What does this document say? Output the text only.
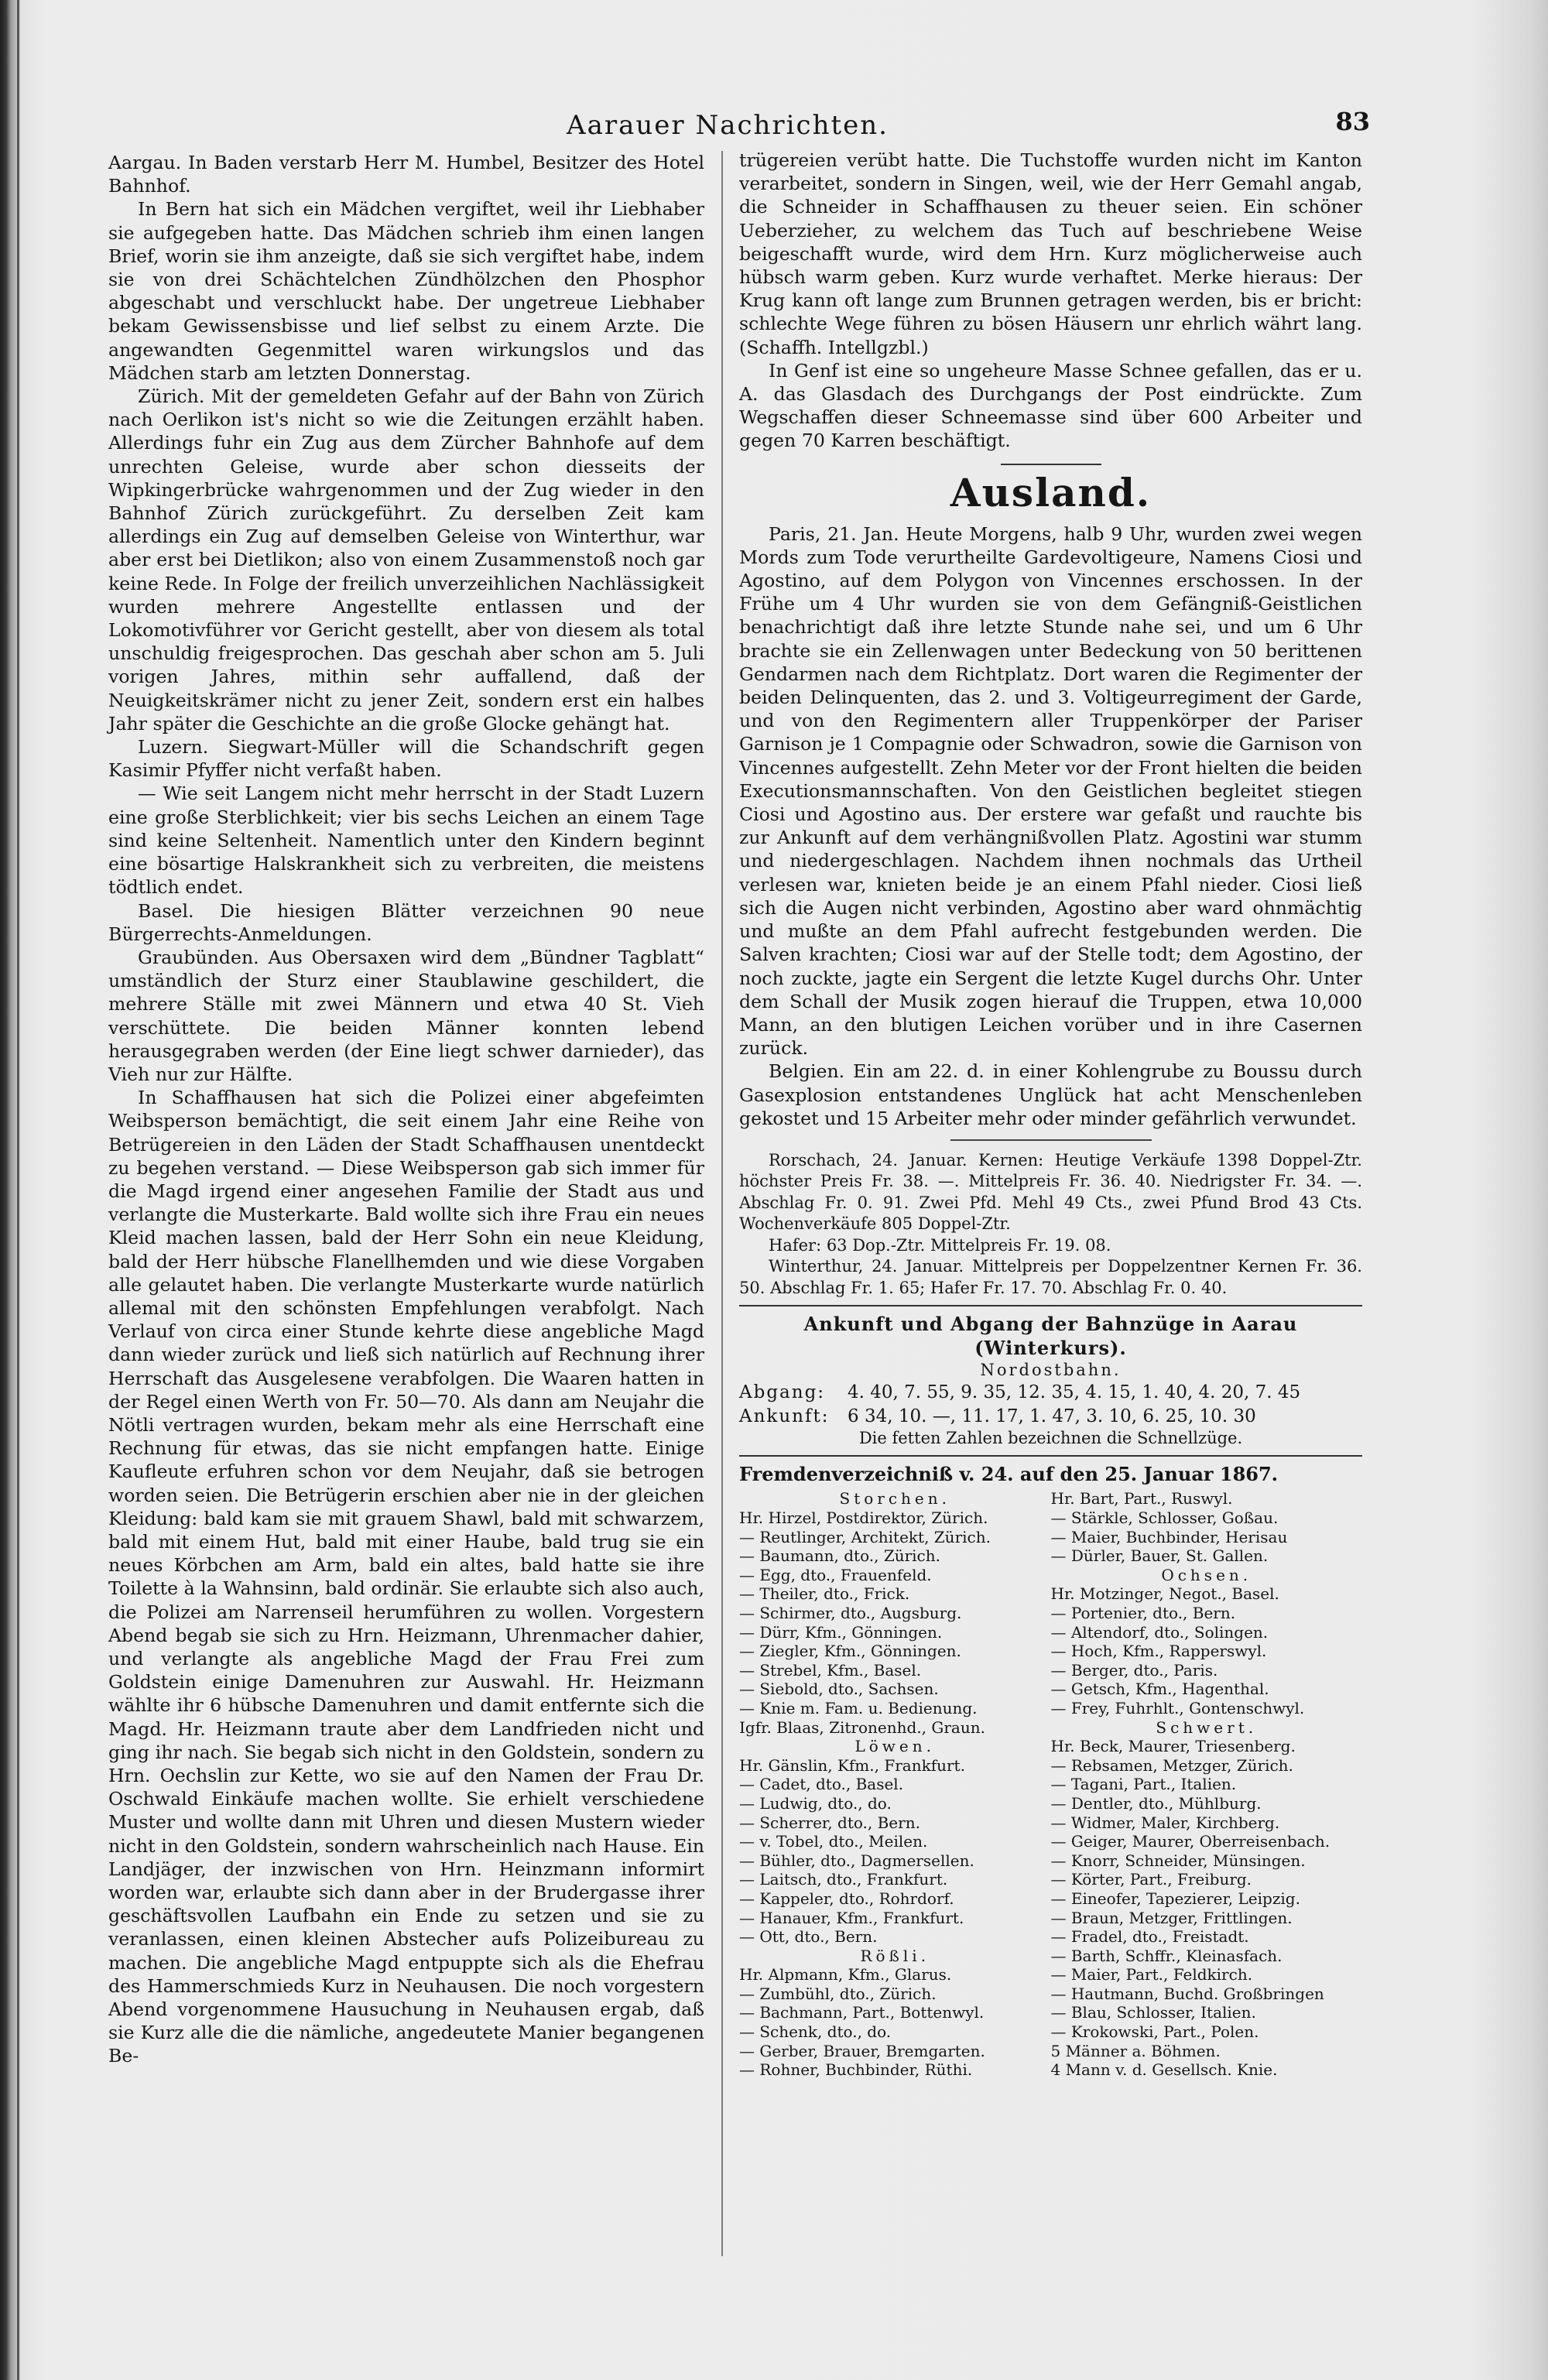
Aarauer Nachrichten.	83

Aargau. In Baden verstarb Herr M. Humbel, Besitzer des Hotel Bahnhof.

In Bern hat sich ein Mädchen vergiftet, weil ihr Liebhaber sie aufgegeben hatte. Das Mädchen schrieb ihm einen langen Brief, worin sie ihm anzeigte, daß sie sich vergiftet habe, indem sie von drei Schächtelchen Zündhölzchen den Phosphor abgeschabt und verschluckt habe. Der ungetreue Liebhaber bekam Gewissensbisse und lief selbst zu einem Arzte. Die angewandten Gegenmittel waren wirkungslos und das Mädchen starb am letzten Donnerstag.

Zürich. Mit der gemeldeten Gefahr auf der Bahn von Zürich nach Oerlikon ist's nicht so wie die Zeitungen erzählt haben. Allerdings fuhr ein Zug aus dem Zürcher Bahnhofe auf dem unrechten Geleise, wurde aber schon diesseits der Wipkingerbrücke wahrgenommen und der Zug wieder in den Bahnhof Zürich zurückgeführt. Zu derselben Zeit kam allerdings ein Zug auf demselben Geleise von Winterthur, war aber erst bei Dietlikon; also von einem Zusammenstoß noch gar keine Rede. In Folge der freilich unverzeihlichen Nachlässigkeit wurden mehrere Angestellte entlassen und der Lokomotivführer vor Gericht gestellt, aber von diesem als total unschuldig freigesprochen. Das geschah aber schon am 5. Juli vorigen Jahres, mithin sehr auffallend, daß der Neuigkeitskrämer nicht zu jener Zeit, sondern erst ein halbes Jahr später die Geschichte an die große Glocke gehängt hat.

Luzern. Siegwart-Müller will die Schandschrift gegen Kasimir Pfyffer nicht verfaßt haben.

— Wie seit Langem nicht mehr herrscht in der Stadt Luzern eine große Sterblichkeit; vier bis sechs Leichen an einem Tage sind keine Seltenheit. Namentlich unter den Kindern beginnt eine bösartige Halskrankheit sich zu verbreiten, die meistens tödtlich endet.

Basel. Die hiesigen Blätter verzeichnen 90 neue Bürgerrechts-Anmeldungen.

Graubünden. Aus Obersaxen wird dem „Bündner Tagblatt“ umständlich der Sturz einer Staublawine geschildert, die mehrere Ställe mit zwei Männern und etwa 40 St. Vieh verschüttete. Die beiden Männer konnten lebend herausgegraben werden (der Eine liegt schwer darnieder), das Vieh nur zur Hälfte.

In Schaffhausen hat sich die Polizei einer abgefeimten Weibsperson bemächtigt, die seit einem Jahr eine Reihe von Betrügereien in den Läden der Stadt Schaffhausen unentdeckt zu begehen verstand. — Diese Weibsperson gab sich immer für die Magd irgend einer angesehen Familie der Stadt aus und verlangte die Musterkarte. Bald wollte sich ihre Frau ein neues Kleid machen lassen, bald der Herr Sohn ein neue Kleidung, bald der Herr hübsche Flanellhemden und wie diese Vorgaben alle gelautet haben. Die verlangte Musterkarte wurde natürlich allemal mit den schönsten Empfehlungen verabfolgt. Nach Verlauf von circa einer Stunde kehrte diese angebliche Magd dann wieder zurück und ließ sich natürlich auf Rechnung ihrer Herrschaft das Ausgelesene verabfolgen. Die Waaren hatten in der Regel einen Werth von Fr. 50—70. Als dann am Neujahr die Nötli vertragen wurden, bekam mehr als eine Herrschaft eine Rechnung für etwas, das sie nicht empfangen hatte. Einige Kaufleute erfuhren schon vor dem Neujahr, daß sie betrogen worden seien. Die Betrügerin erschien aber nie in der gleichen Kleidung: bald kam sie mit grauem Shawl, bald mit schwarzem, bald mit einem Hut, bald mit einer Haube, bald trug sie ein neues Körbchen am Arm, bald ein altes, bald hatte sie ihre Toilette à la Wahnsinn, bald ordinär. Sie erlaubte sich also auch, die Polizei am Narrenseil herumführen zu wollen. Vorgestern Abend begab sie sich zu Hrn. Heizmann, Uhrenmacher dahier, und verlangte als angebliche Magd der Frau Frei zum Goldstein einige Damenuhren zur Auswahl. Hr. Heizmann wählte ihr 6 hübsche Damenuhren und damit entfernte sich die Magd. Hr. Heizmann traute aber dem Landfrieden nicht und ging ihr nach. Sie begab sich nicht in den Goldstein, sondern zu Hrn. Oechslin zur Kette, wo sie auf den Namen der Frau Dr. Oschwald Einkäufe machen wollte. Sie erhielt verschiedene Muster und wollte dann mit Uhren und diesen Mustern wieder nicht in den Goldstein, sondern wahrscheinlich nach Hause. Ein Landjäger, der inzwischen von Hrn. Heinzmann informirt worden war, erlaubte sich dann aber in der Brudergasse ihrer geschäftsvollen Laufbahn ein Ende zu setzen und sie zu veranlassen, einen kleinen Abstecher aufs Polizeibureau zu machen. Die angebliche Magd entpuppte sich als die Ehefrau des Hammerschmieds Kurz in Neuhausen. Die noch vorgestern Abend vorgenommene Hausuchung in Neuhausen ergab, daß sie Kurz alle die die nämliche, angedeutete Manier begangenen Be-

trügereien verübt hatte. Die Tuchstoffe wurden nicht im Kanton verarbeitet, sondern in Singen, weil, wie der Herr Gemahl angab, die Schneider in Schaffhausen zu theuer seien. Ein schöner Ueberzieher, zu welchem das Tuch auf beschriebene Weise beigeschafft wurde, wird dem Hrn. Kurz möglicherweise auch hübsch warm geben. Kurz wurde verhaftet. Merke hieraus: Der Krug kann oft lange zum Brunnen getragen werden, bis er bricht: schlechte Wege führen zu bösen Häusern unr ehrlich währt lang. (Schaffh. Intellgzbl.)

In Genf ist eine so ungeheure Masse Schnee gefallen, das er u. A. das Glasdach des Durchgangs der Post eindrückte. Zum Wegschaffen dieser Schneemasse sind über 600 Arbeiter und gegen 70 Karren beschäftigt.

Ausland.

Paris, 21. Jan. Heute Morgens, halb 9 Uhr, wurden zwei wegen Mords zum Tode verurtheilte Gardevoltigeure, Namens Ciosi und Agostino, auf dem Polygon von Vincennes erschossen. In der Frühe um 4 Uhr wurden sie von dem Gefängniß-Geistlichen benachrichtigt daß ihre letzte Stunde nahe sei, und um 6 Uhr brachte sie ein Zellenwagen unter Bedeckung von 50 berittenen Gendarmen nach dem Richtplatz. Dort waren die Regimenter der beiden Delinquenten, das 2. und 3. Voltigeurregiment der Garde, und von den Regimentern aller Truppenkörper der Pariser Garnison je 1 Compagnie oder Schwadron, sowie die Garnison von Vincennes aufgestellt. Zehn Meter vor der Front hielten die beiden Executionsmannschaften. Von den Geistlichen begleitet stiegen Ciosi und Agostino aus. Der erstere war gefaßt und rauchte bis zur Ankunft auf dem verhängnißvollen Platz. Agostini war stumm und niedergeschlagen. Nachdem ihnen nochmals das Urtheil verlesen war, knieten beide je an einem Pfahl nieder. Ciosi ließ sich die Augen nicht verbinden, Agostino aber ward ohnmächtig und mußte an dem Pfahl aufrecht festgebunden werden. Die Salven krachten; Ciosi war auf der Stelle todt; dem Agostino, der noch zuckte, jagte ein Sergent die letzte Kugel durchs Ohr. Unter dem Schall der Musik zogen hierauf die Truppen, etwa 10,000 Mann, an den blutigen Leichen vorüber und in ihre Casernen zurück.

Belgien. Ein am 22. d. in einer Kohlengrube zu Boussu durch Gasexplosion entstandenes Unglück hat acht Menschenleben gekostet und 15 Arbeiter mehr oder minder gefährlich verwundet.

Rorschach, 24. Januar. Kernen: Heutige Verkäufe 1398 Doppel-Ztr. höchster Preis Fr. 38. —. Mittelpreis Fr. 36. 40. Niedrigster Fr. 34. —. Abschlag Fr. 0. 91. Zwei Pfd. Mehl 49 Cts., zwei Pfund Brod 43 Cts. Wochenverkäufe 805 Doppel-Ztr.

Hafer: 63 Dop.-Ztr. Mittelpreis Fr. 19. 08.

Winterthur, 24. Januar. Mittelpreis per Doppelzentner Kernen Fr. 36. 50. Abschlag Fr. 1. 65; Hafer Fr. 17. 70. Abschlag Fr. 0. 40.

Ankunft und Abgang der Bahnzüge in Aarau (Winterkurs).
Nordostbahn.
Abgang:	4. 40, 7. 55, 9. 35, 12. 35, 4. 15, 1. 40, 4. 20, 7. 45
Ankunft:	6 34, 10. —, 11. 17, 1. 47, 3. 10, 6. 25, 10. 30
Die fetten Zahlen bezeichnen die Schnellzüge.
Fremdenverzeichniß v. 24. auf den 25. Januar 1867.
Storchen.
Hr. Hirzel, Postdirektor, Zürich.
— Reutlinger, Architekt, Zürich.
— Baumann, dto., Zürich.
— Egg, dto., Frauenfeld.
— Theiler, dto., Frick.
— Schirmer, dto., Augsburg.
— Dürr, Kfm., Gönningen.
— Ziegler, Kfm., Gönningen.
— Strebel, Kfm., Basel.
— Siebold, dto., Sachsen.
— Knie m. Fam. u. Bedienung.
Igfr. Blaas, Zitronenhd., Graun.
Löwen.
Hr. Gänslin, Kfm., Frankfurt.
— Cadet, dto., Basel.
— Ludwig, dto., do.
— Scherrer, dto., Bern.
— v. Tobel, dto., Meilen.
— Bühler, dto., Dagmersellen.
— Laitsch, dto., Frankfurt.
— Kappeler, dto., Rohrdorf.
— Hanauer, Kfm., Frankfurt.
— Ott, dto., Bern.
Rößli.
Hr. Alpmann, Kfm., Glarus.
— Zumbühl, dto., Zürich.
— Bachmann, Part., Bottenwyl.
— Schenk, dto., do.
— Gerber, Brauer, Bremgarten.
— Rohner, Buchbinder, Rüthi.
Hr. Bart, Part., Ruswyl.
— Stärkle, Schlosser, Goßau.
— Maier, Buchbinder, Herisau
— Dürler, Bauer, St. Gallen.
Ochsen.
Hr. Motzinger, Negot., Basel.
— Portenier, dto., Bern.
— Altendorf, dto., Solingen.
— Hoch, Kfm., Rapperswyl.
— Berger, dto., Paris.
— Getsch, Kfm., Hagenthal.
— Frey, Fuhrhlt., Gontenschwyl.
Schwert.
Hr. Beck, Maurer, Triesenberg.
— Rebsamen, Metzger, Zürich.
— Tagani, Part., Italien.
— Dentler, dto., Mühlburg.
— Widmer, Maler, Kirchberg.
— Geiger, Maurer, Oberreisenbach.
— Knorr, Schneider, Münsingen.
— Körter, Part., Freiburg.
— Eineofer, Tapezierer, Leipzig.
— Braun, Metzger, Frittlingen.
— Fradel, dto., Freistadt.
— Barth, Schffr., Kleinasfach.
— Maier, Part., Feldkirch.
— Hautmann, Buchd. Großbringen
— Blau, Schlosser, Italien.
— Krokowski, Part., Polen.
5 Männer a. Böhmen.
4 Mann v. d. Gesellsch. Knie.
